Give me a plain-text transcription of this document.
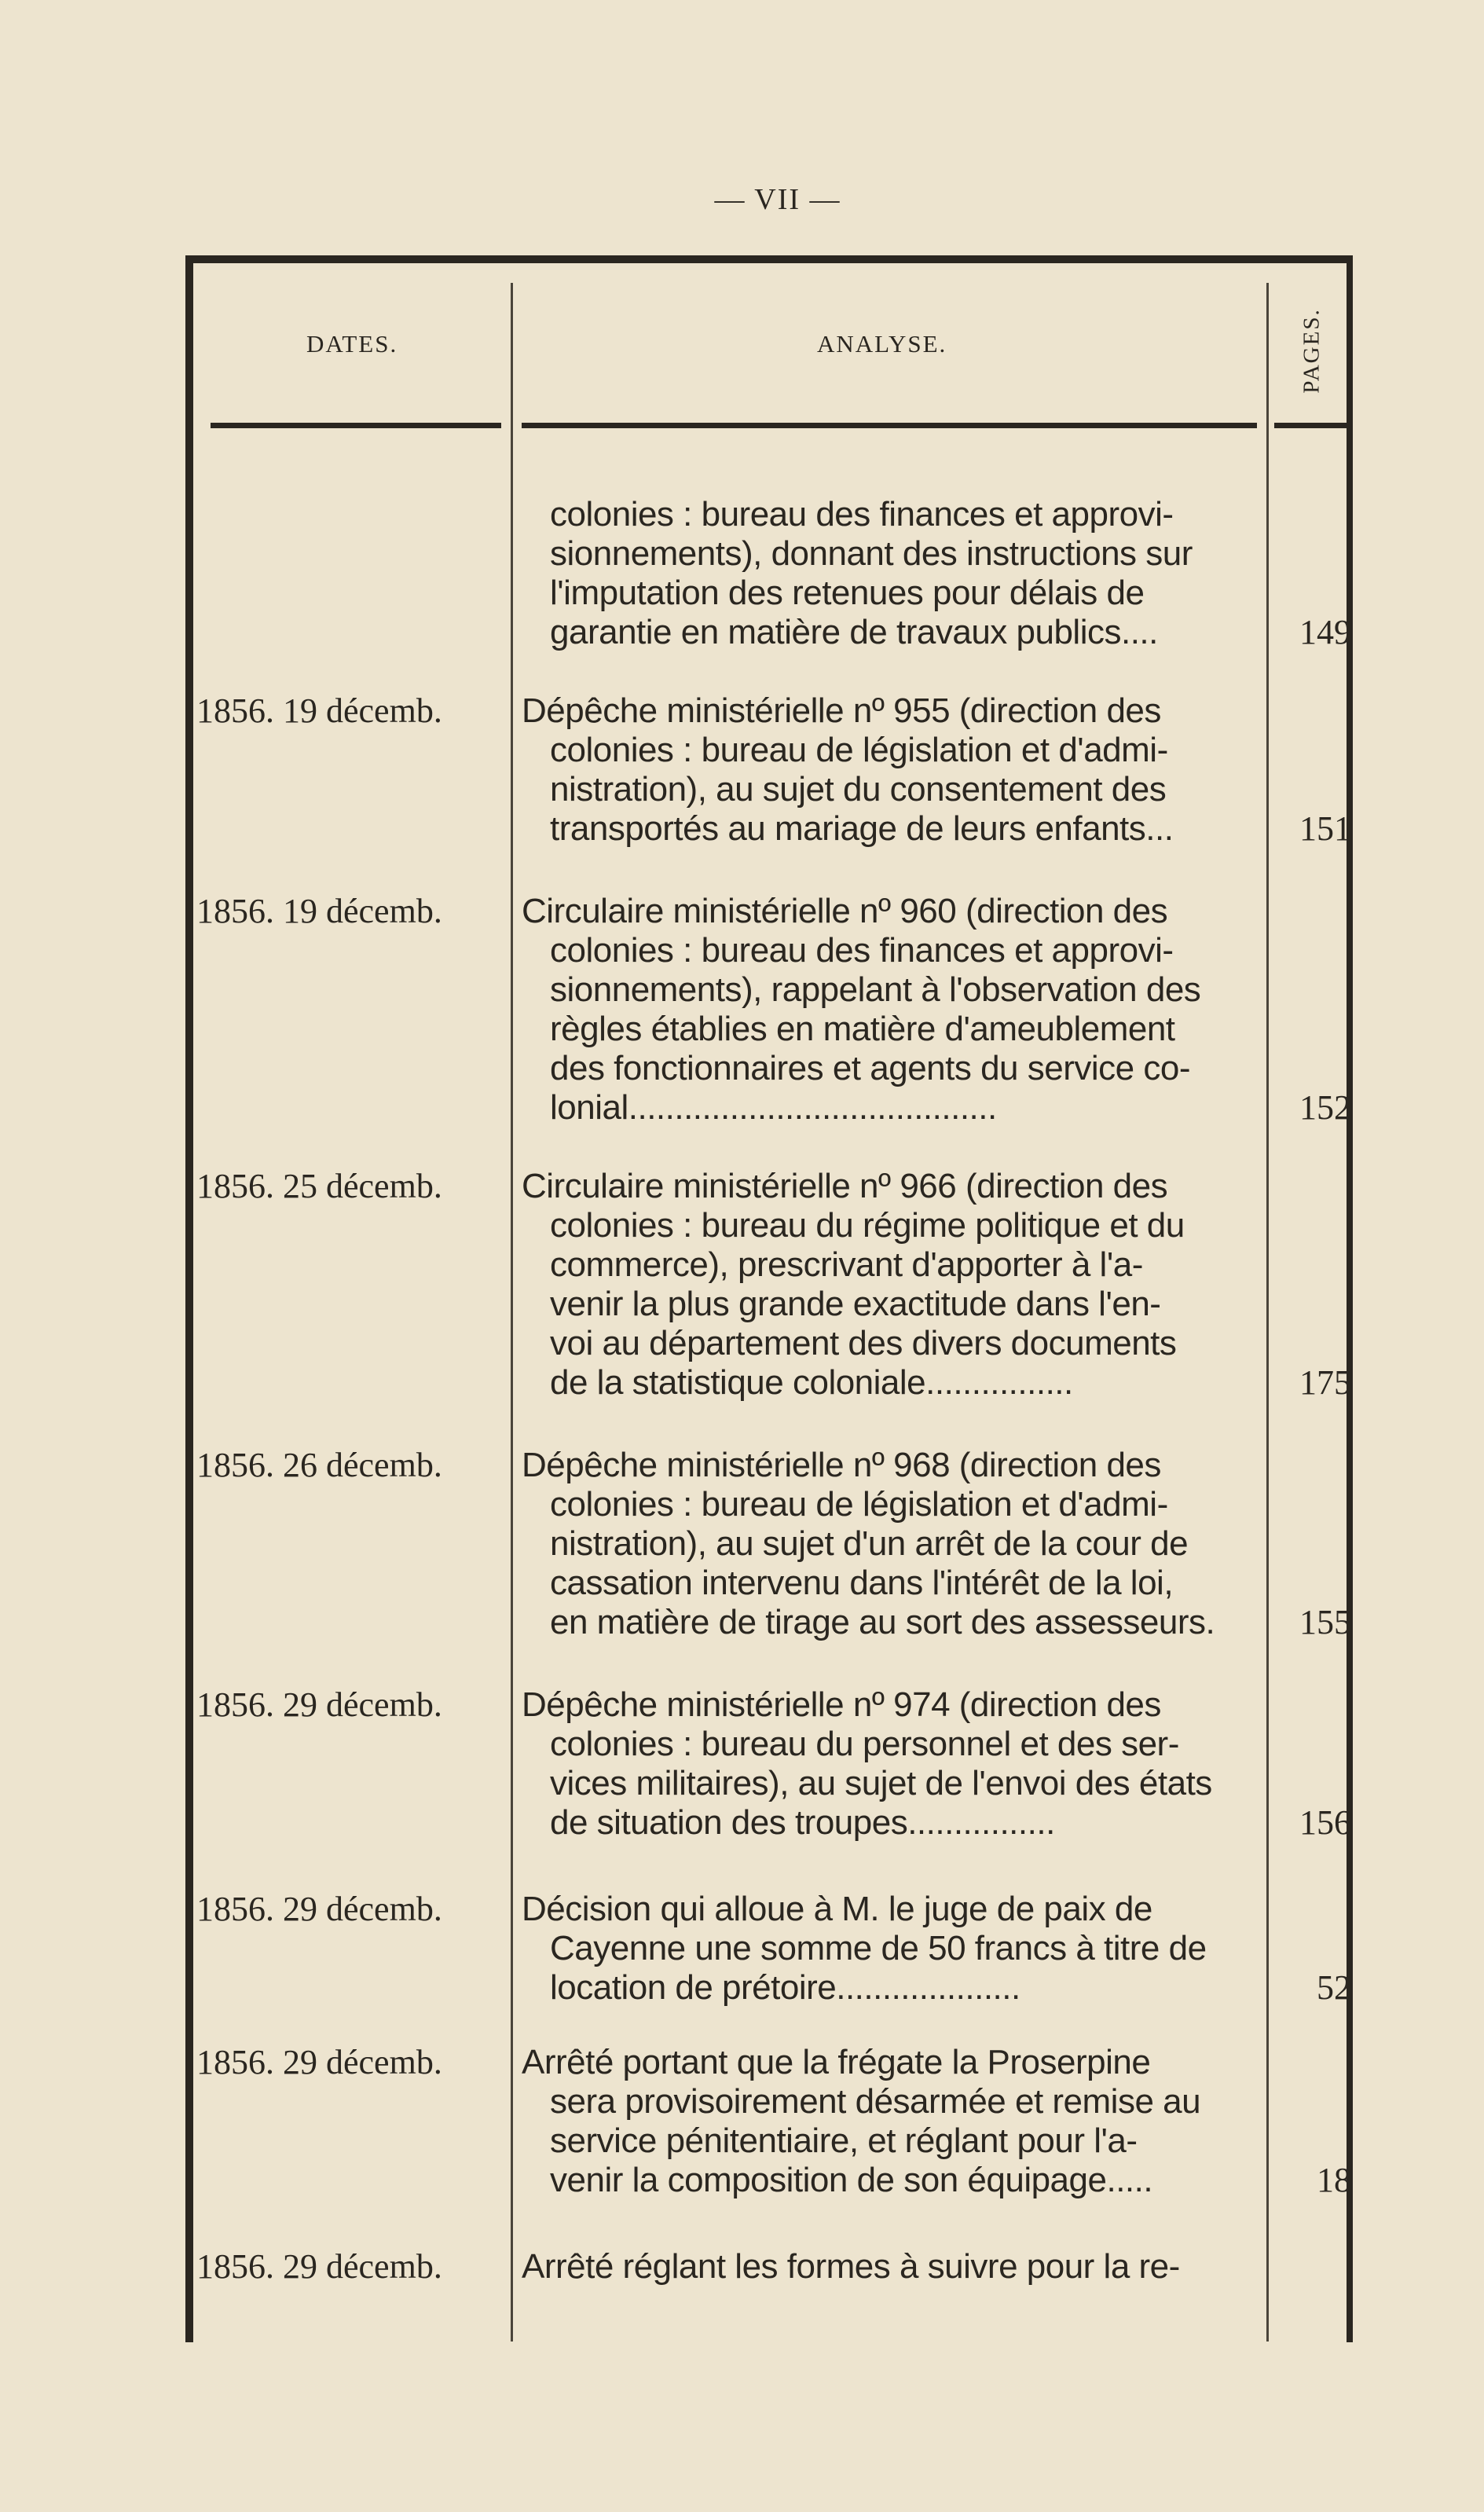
— VII —
DATES.	ANALYSE.	PAGES.
colonies : bureau des finances et approvi-
sionnements), donnant des instructions sur
l'imputation des retenues pour délais de
garantie en matière de travaux publics....	149
1856. 19 décemb.	Dépêche ministérielle nº 955 (direction des
colonies : bureau de législation et d'admi-
nistration), au sujet du consentement des
transportés au mariage de leurs enfants...	151
1856. 19 décemb.	Circulaire ministérielle nº 960 (direction des
colonies : bureau des finances et approvi-
sionnements), rappelant à l'observation des
règles établies en matière d'ameublement
des fonctionnaires et agents du service co-
lonial........................................	152
1856. 25 décemb.	Circulaire ministérielle nº 966 (direction des
colonies : bureau du régime politique et du
commerce), prescrivant d'apporter à l'a-
venir la plus grande exactitude dans l'en-
voi au département des divers documents
de la statistique coloniale................	175
1856. 26 décemb.	Dépêche ministérielle nº 968 (direction des
colonies : bureau de législation et d'admi-
nistration), au sujet d'un arrêt de la cour de
cassation intervenu dans l'intérêt de la loi,
en matière de tirage au sort des assesseurs.	155
1856. 29 décemb.	Dépêche ministérielle nº 974 (direction des
colonies : bureau du personnel et des ser-
vices militaires), au sujet de l'envoi des états
de situation des troupes................	156
1856. 29 décemb.	Décision qui alloue à M. le juge de paix de
Cayenne une somme de 50 francs à titre de
location de prétoire....................	52
1856. 29 décemb.	Arrêté portant que la frégate la Proserpine
sera provisoirement désarmée et remise au
service pénitentiaire, et réglant pour l'a-
venir la composition de son équipage.....	18
1856. 29 décemb.	Arrêté réglant les formes à suivre pour la re-
